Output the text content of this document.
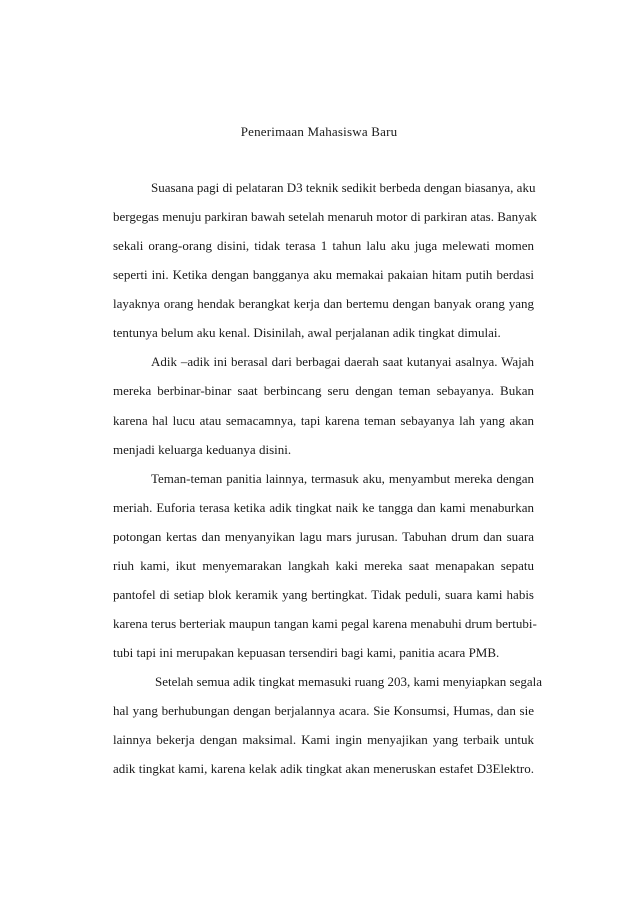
Penerimaan Mahasiswa Baru
Suasana pagi di pelataran D3 teknik sedikit berbeda dengan biasanya, aku
bergegas menuju parkiran bawah setelah menaruh motor di parkiran atas. Banyak
sekali orang-orang disini, tidak terasa 1 tahun lalu aku juga melewati momen
seperti ini. Ketika dengan bangganya aku memakai pakaian hitam putih berdasi
layaknya orang hendak berangkat kerja dan bertemu dengan banyak orang yang
tentunya belum aku kenal. Disinilah, awal perjalanan adik tingkat dimulai.
Adik –adik ini berasal dari berbagai daerah saat kutanyai asalnya. Wajah
mereka berbinar-binar saat berbincang seru dengan teman sebayanya. Bukan
karena hal lucu atau semacamnya, tapi karena teman sebayanya lah yang akan
menjadi keluarga keduanya disini.
Teman-teman panitia lainnya, termasuk aku, menyambut mereka dengan
meriah. Euforia terasa ketika adik tingkat naik ke tangga dan kami menaburkan
potongan kertas dan menyanyikan lagu mars jurusan. Tabuhan drum dan suara
riuh kami, ikut menyemarakan langkah kaki mereka saat menapakan sepatu
pantofel di setiap blok keramik yang bertingkat. Tidak peduli, suara kami habis
karena terus berteriak maupun tangan kami pegal karena menabuhi drum bertubi-
tubi tapi ini merupakan kepuasan tersendiri bagi kami, panitia acara PMB.
Setelah semua adik tingkat memasuki ruang 203, kami menyiapkan segala
hal yang berhubungan dengan berjalannya acara. Sie Konsumsi, Humas, dan sie
lainnya bekerja dengan maksimal. Kami ingin menyajikan yang terbaik untuk
adik tingkat kami, karena kelak adik tingkat akan meneruskan estafet D3Elektro.
